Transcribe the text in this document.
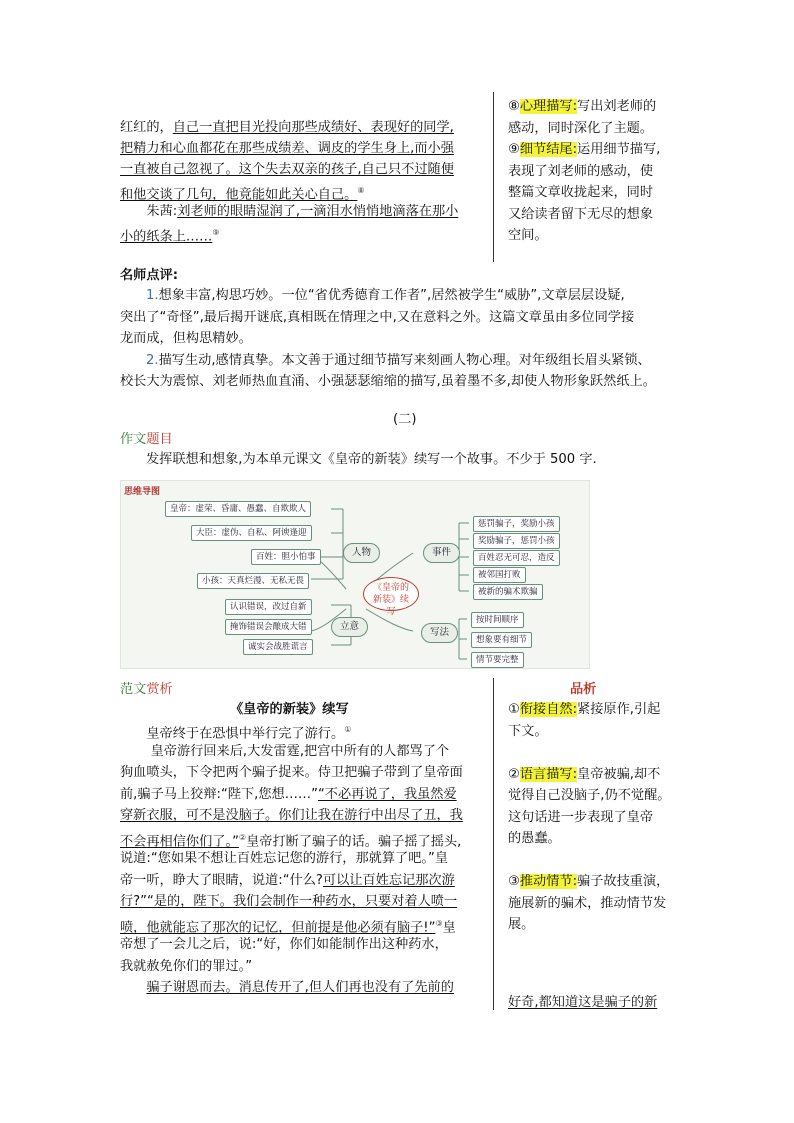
红红的，自己一直把目光投向那些成绩好、表现好的同学,
把精力和心血都花在那些成绩差、调皮的学生身上,而小强
一直被自己忽视了。这个失去双亲的孩子,自己只不过随便
和他交谈了几句，他竟能如此关心自己。⑧
　　朱茜:刘老师的眼睛湿润了,一滴泪水悄悄地滴落在那小
小的纸条上……⑨
⑧心理描写:写出刘老师的
感动，同时深化了主题。
⑨细节结尾:运用细节描写,
表现了刘老师的感动，使
整篇文章收拢起来，同时
又给读者留下无尽的想象
空间。
名师点评:
1.想象丰富,构思巧妙。一位“省优秀德育工作者”,居然被学生“威胁”,文章层层设疑,
突出了“奇怪”,最后揭开谜底,真相既在情理之中,又在意料之外。这篇文章虽由多位同学接
龙而成，但构思精妙。
2.描写生动,感情真挚。本文善于通过细节描写来刻画人物心理。对年级组长眉头紧锁、
校长大为震惊、刘老师热血直涌、小强瑟瑟缩缩的描写,虽着墨不多,却使人物形象跃然纸上。
(二)
作文题目
发挥联想和想象,为本单元课文《皇帝的新装》续写一个故事。不少于 500 字.
思维导图
《皇帝的新装》续写
人物	事件
立意
写法
皇帝：虚荣、昏庸、愚蠢、自欺欺人
大臣：虚伪、自私、阿谀逢迎
百姓：胆小怕事
小孩：天真烂漫、无私无畏
惩罚骗子，奖励小孩
奖励骗子，惩罚小孩
百姓忍无可忍，造反
被邻国打败
被新的骗术欺骗
认识错误，改过自新
掩饰错误会酿成大错
诚实会战胜谎言
按时间顺序
想象要有细节
情节要完整
范文赏析
《皇帝的新装》续写
品析
　　皇帝终于在恐惧中举行完了游行。①
　　 皇帝游行回来后,大发雷霆,把宫中所有的人都骂了个
狗血喷头，下令把两个骗子捉来。侍卫把骗子带到了皇帝面
前,骗子马上狡辩:“陛下,您想……”“不必再说了，我虽然爱
穿新衣服，可不是没脑子。你们让我在游行中出尽了丑，我
不会再相信你们了。”②皇帝打断了骗子的话。骗子摇了摇头,
说道:“您如果不想让百姓忘记您的游行，那就算了吧。”皇
帝一听，睁大了眼睛，说道:“什么?可以让百姓忘记那次游
行?”“是的，陛下。我们会制作一种药水，只要对着人喷一
喷，他就能忘了那次的记忆，但前提是他必须有脑子!”③皇
帝想了一会儿之后，说:“好，你们如能制作出这种药水，
我就赦免你们的罪过。”
　　骗子谢恩而去。消息传开了,但人们再也没有了先前的
①衔接自然:紧接原作,引起
下文。
②语言描写:皇帝被骗,却不
觉得自己没脑子,仍不觉醒。
这句话进一步表现了皇帝
的愚蠢。
③推动情节:骗子故技重演，
施展新的骗术，推动情节发
展。
好奇,都知道这是骗子的新
